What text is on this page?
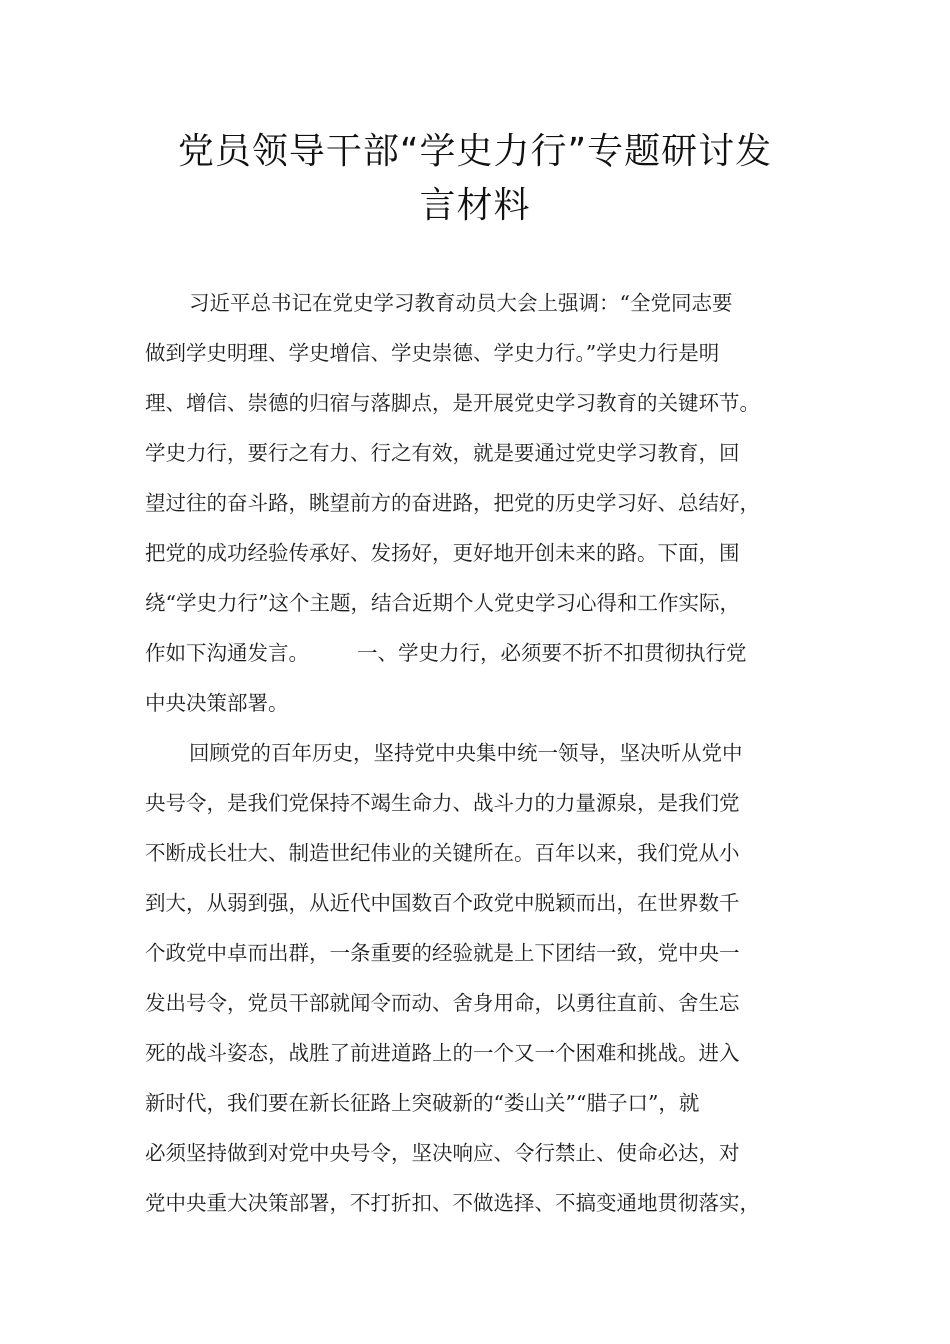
党员领导干部“学史力行”专题研讨发
言材料
习近平总书记在党史学习教育动员大会上强调：“全党同志要
做到学史明理、学史增信、学史崇德、学史力行。”学史力行是明
理、增信、崇德的归宿与落脚点，是开展党史学习教育的关键环节。
学史力行，要行之有力、行之有效，就是要通过党史学习教育，回
望过往的奋斗路，眺望前方的奋进路，把党的历史学习好、总结好，
把党的成功经验传承好、发扬好，更好地开创未来的路。下面，围
绕“学史力行”这个主题，结合近期个人党史学习心得和工作实际，
作如下沟通发言。 一、学史力行，必须要不折不扣贯彻执行党
中央决策部署。
回顾党的百年历史，坚持党中央集中统一领导，坚决听从党中
央号令，是我们党保持不竭生命力、战斗力的力量源泉，是我们党
不断成长壮大、制造世纪伟业的关键所在。百年以来，我们党从小
到大，从弱到强，从近代中国数百个政党中脱颖而出，在世界数千
个政党中卓而出群，一条重要的经验就是上下团结一致，党中央一
发出号令，党员干部就闻令而动、舍身用命，以勇往直前、舍生忘
死的战斗姿态，战胜了前进道路上的一个又一个困难和挑战。进入
新时代，我们要在新长征路上突破新的“娄山关”“腊子口”，就
必须坚持做到对党中央号令，坚决响应、令行禁止、使命必达，对
党中央重大决策部署，不打折扣、不做选择、不搞变通地贯彻落实，
